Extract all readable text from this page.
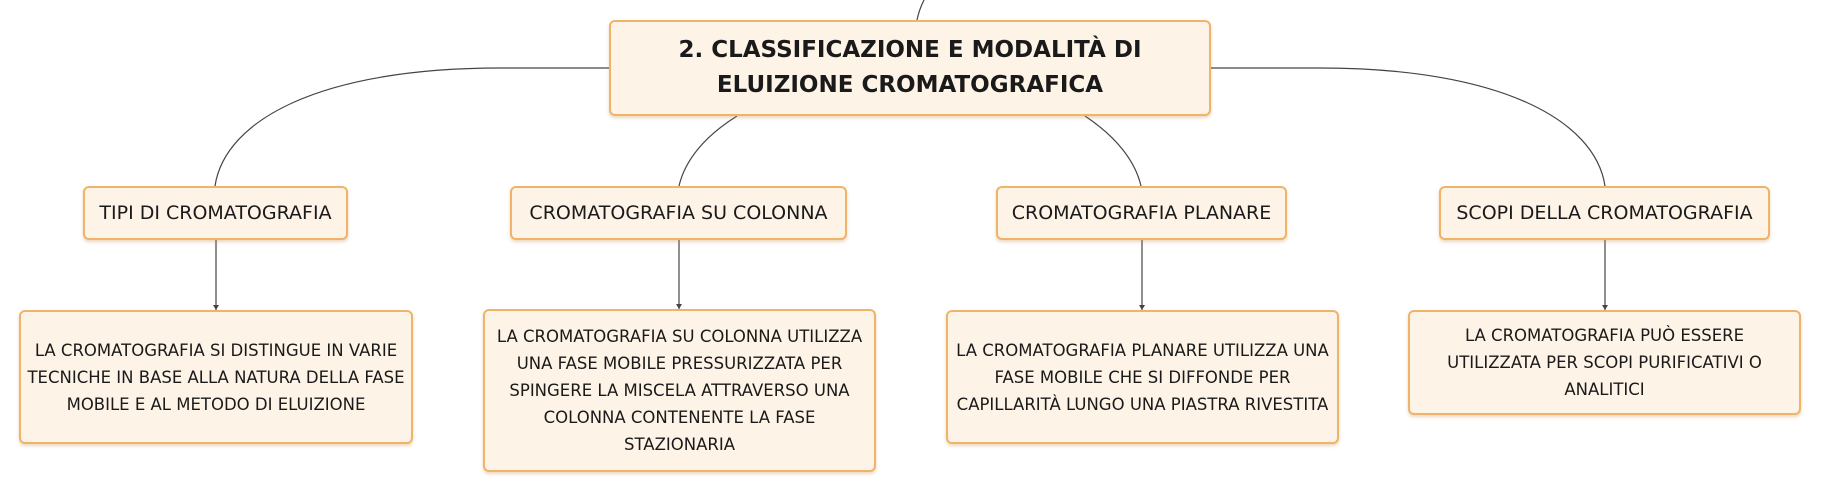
2. CLASSIFICAZIONE E MODALITÀ DI ELUIZIONE CROMATOGRAFICA
TIPI DI CROMATOGRAFIA	CROMATOGRAFIA SU COLONNA	CROMATOGRAFIA PLANARE	SCOPI DELLA CROMATOGRAFIA
LA CROMATOGRAFIA SI DISTINGUE IN VARIE TECNICHE IN BASE ALLA NATURA DELLA FASE MOBILE E AL METODO DI ELUIZIONE
LA CROMATOGRAFIA SU COLONNA UTILIZZA UNA FASE MOBILE PRESSURIZZATA PER SPINGERE LA MISCELA ATTRAVERSO UNA COLONNA CONTENENTE LA FASE STAZIONARIA
LA CROMATOGRAFIA PLANARE UTILIZZA UNA FASE MOBILE CHE SI DIFFONDE PER CAPILLARITÀ LUNGO UNA PIASTRA RIVESTITA
LA CROMATOGRAFIA PUÒ ESSERE UTILIZZATA PER SCOPI PURIFICATIVI O ANALITICI
